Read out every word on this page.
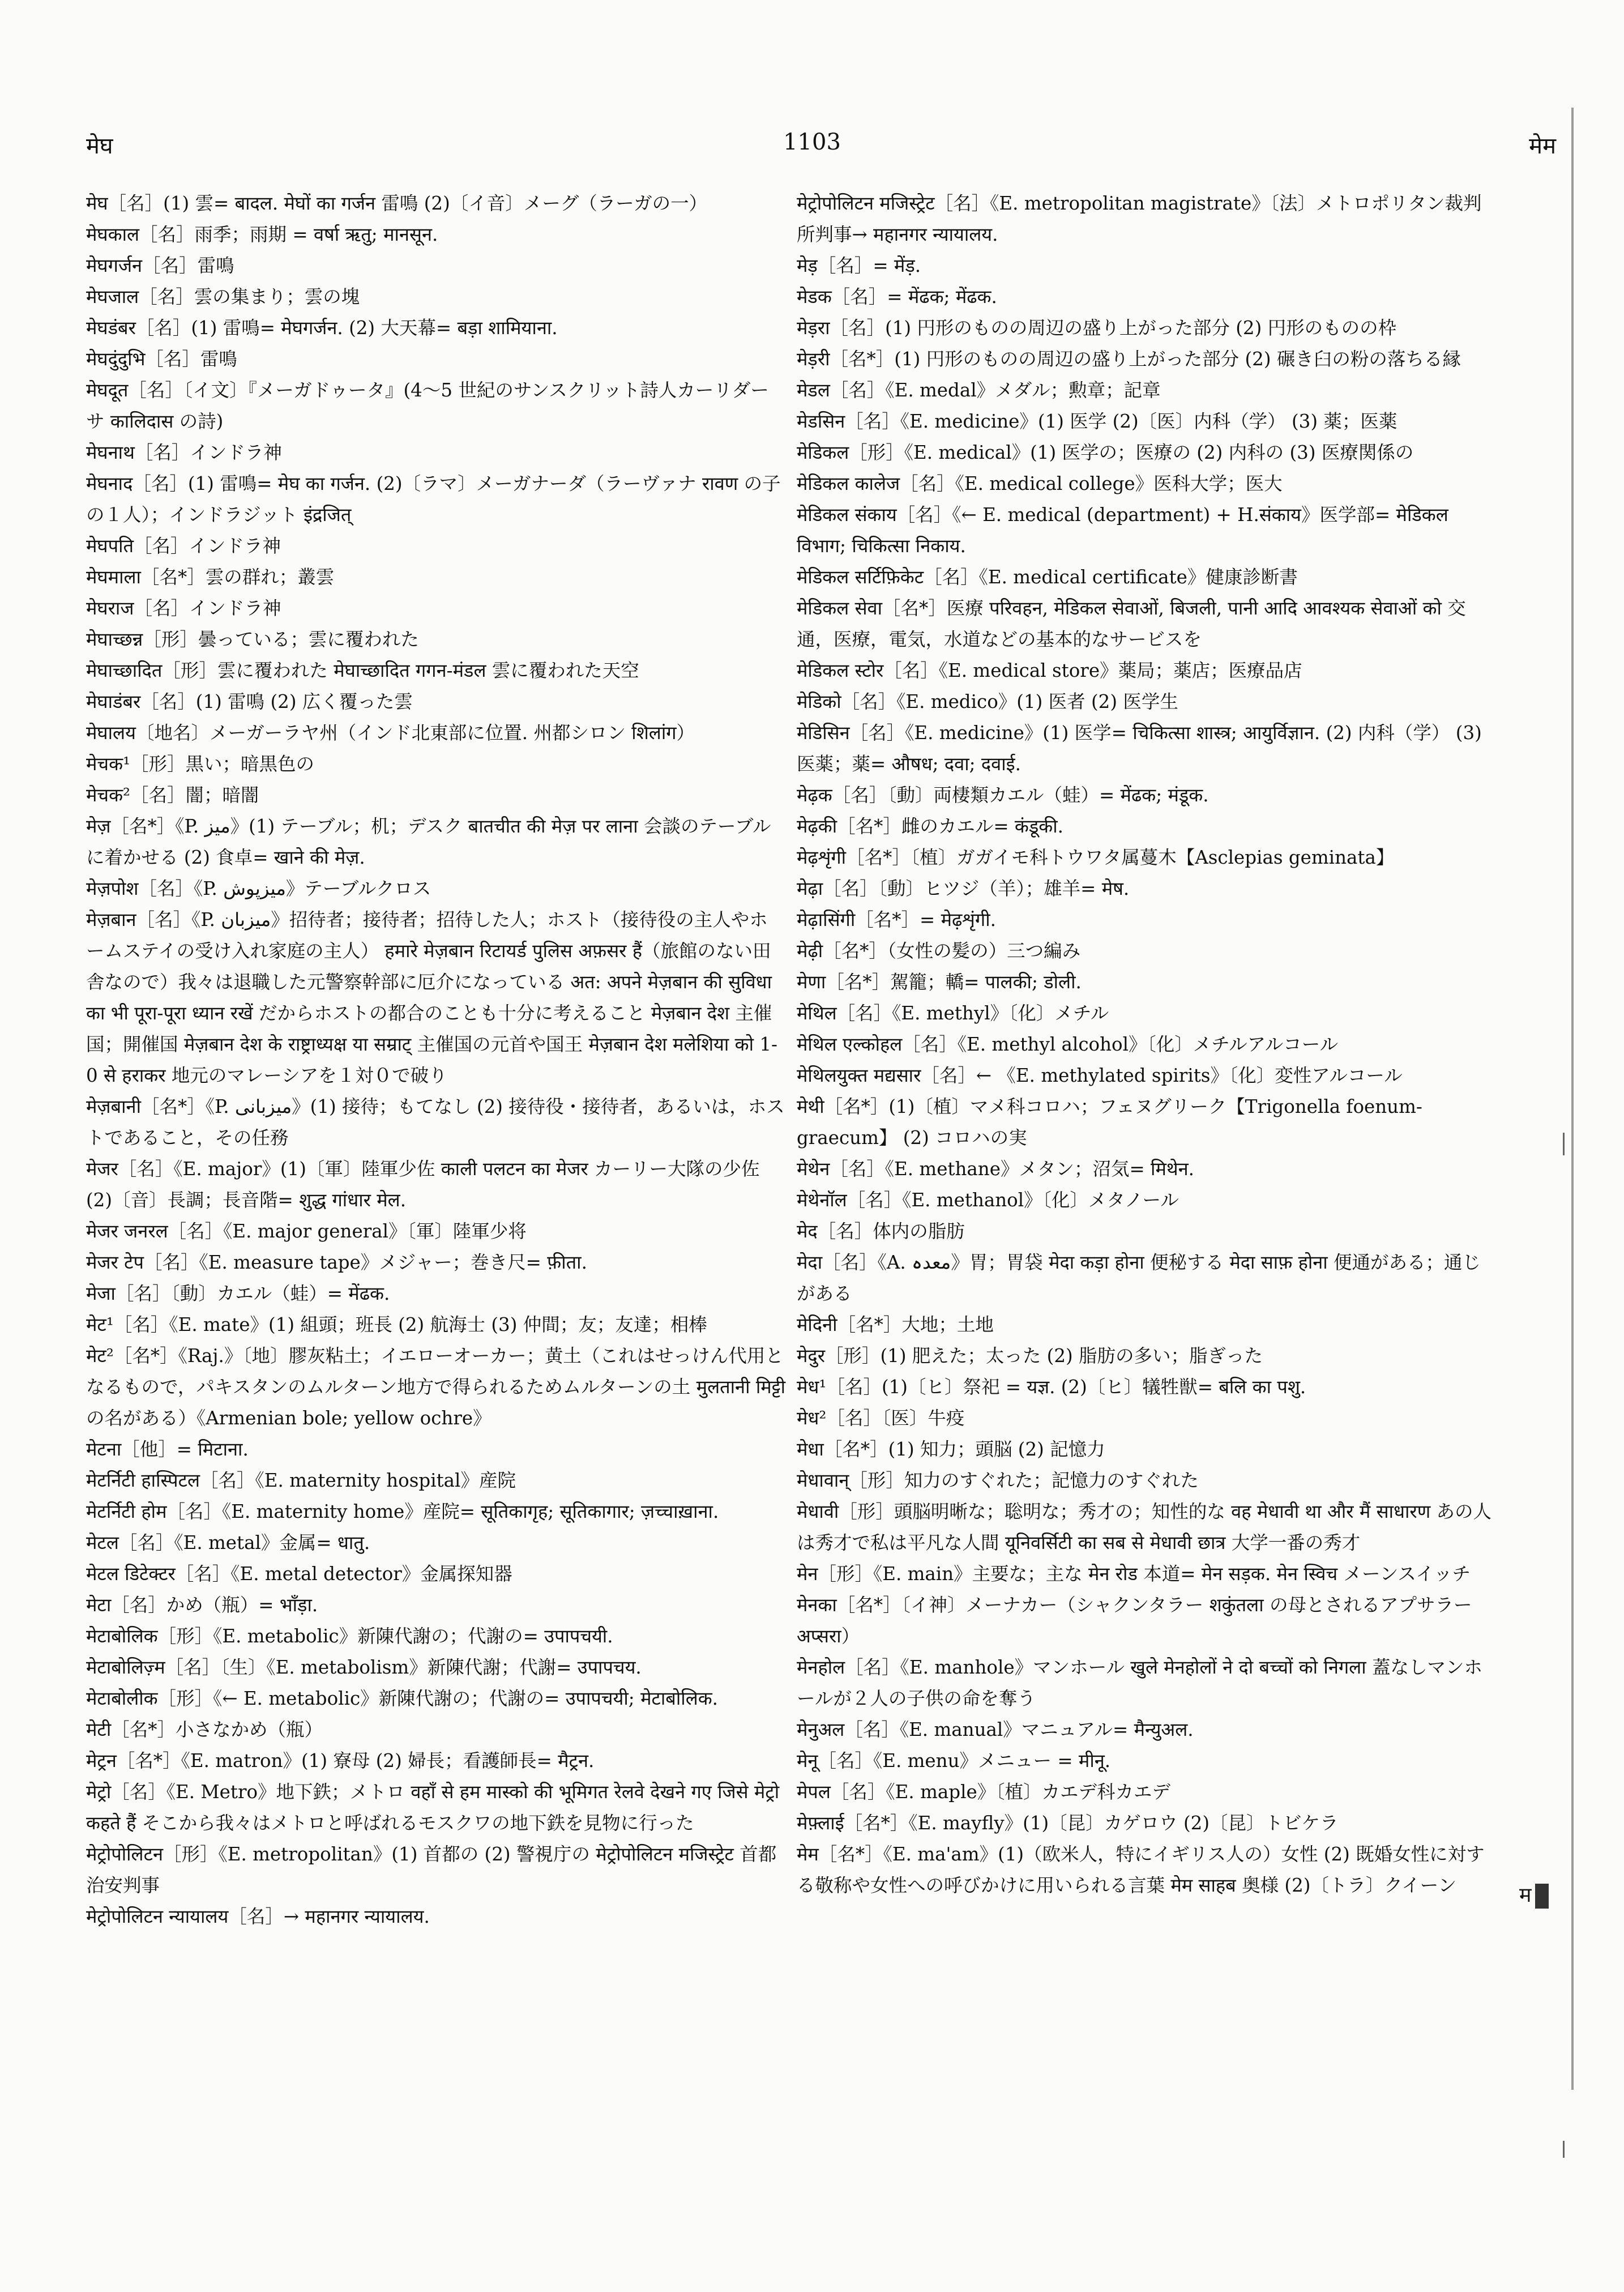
मेघ	1103	मेम

मेघ［名］(1) 雲= बादल. मेघों का गर्जन 雷鳴 (2)〔イ音〕メーグ（ラーガの一）

मेघकाल［名］雨季；雨期 = वर्षा ऋतु; मानसून.

मेघगर्जन［名］雷鳴

मेघजाल［名］雲の集まり；雲の塊

मेघडंबर［名］(1) 雷鳴= मेघगर्जन. (2) 大天幕= बड़ा शामियाना.

मेघदुंदुभि［名］雷鳴

मेघदूत［名］〔イ文〕『メーガドゥータ』(4〜5 世紀のサンスクリット詩人カーリダーサ कालिदास の詩)

मेघनाथ［名］インドラ神

मेघनाद［名］(1) 雷鳴= मेघ का गर्जन. (2)〔ラマ〕メーガナーダ（ラーヴァナ रावण の子の１人）；インドラジット इंद्रजित्

मेघपति［名］インドラ神

मेघमाला［名*］雲の群れ；叢雲

मेघराज［名］インドラ神

मेघाच्छन्न［形］曇っている；雲に覆われた

मेघाच्छादित［形］雲に覆われた मेघाच्छादित गगन-मंडल 雲に覆われた天空

मेघाडंबर［名］(1) 雷鳴 (2) 広く覆った雲

मेघालय〔地名〕メーガーラヤ州（インド北東部に位置. 州都シロン शिलांग）

मेचक¹［形］黒い；暗黒色の

मेचक²［名］闇；暗闇

मेज़［名*］《P. ميز》(1) テーブル；机；デスク बातचीत की मेज़ पर लाना 会談のテーブルに着かせる (2) 食卓= खाने की मेज़.

मेज़पोश［名］《P. ميزپوش》テーブルクロス

मेज़बान［名］《P. ميزبان》招待者；接待者；招待した人；ホスト（接待役の主人やホームステイの受け入れ家庭の主人） हमारे मेज़बान रिटायर्ड पुलिस अफ़सर हैं（旅館のない田舎なので）我々は退職した元警察幹部に厄介になっている अत: अपने मेज़बान की सुविधा का भी पूरा-पूरा ध्यान रखें だからホストの都合のことも十分に考えること मेज़बान देश 主催国；開催国 मेज़बान देश के राष्ट्राध्यक्ष या सम्राट् 主催国の元首や国王 मेज़बान देश मलेशिया को 1-0 से हराकर 地元のマレーシアを１対０で破り

मेज़बानी［名*］《P. ميزبانی》(1) 接待；もてなし (2) 接待役・接待者，あるいは，ホストであること，その任務

मेजर［名］《E. major》(1)〔軍〕陸軍少佐 काली पलटन का मेजर カーリー大隊の少佐 (2)〔音〕長調；長音階= शुद्ध गांधार मेल.

मेजर जनरल［名］《E. major general》〔軍〕陸軍少将

मेजर टेप［名］《E. measure tape》メジャー；巻き尺= फ़ीता.

मेजा［名］〔動〕カエル（蛙）= मेंढक.

मेट¹［名］《E. mate》(1) 組頭；班長 (2) 航海士 (3) 仲間；友；友達；相棒

मेट²［名*］《Raj.》〔地〕膠灰粘土；イエローオーカー；黄土（これはせっけん代用となるもので，パキスタンのムルターン地方で得られるためムルターンの土 मुलतानी मिट्टी の名がある）《Armenian bole; yellow ochre》

मेटना［他］= मिटाना.

मेटर्निटी हास्पिटल［名］《E. maternity hospital》産院

मेटर्निटी होम［名］《E. maternity home》産院= सूतिकागृह; सूतिकागार; ज़च्चाख़ाना.

मेटल［名］《E. metal》金属= धातु.

मेटल डिटेक्टर［名］《E. metal detector》金属探知器

मेटा［名］かめ（瓶）= भाँड़ा.

मेटाबोलिक［形］《E. metabolic》新陳代謝の；代謝の= उपापचयी.

मेटाबोलिज़्म［名］〔生〕《E. metabolism》新陳代謝；代謝= उपापचय.

मेटाबोलीक［形］《← E. metabolic》新陳代謝の；代謝の= उपापचयी; मेटाबोलिक.

मेटी［名*］小さなかめ（瓶）

मेट्रन［名*］《E. matron》(1) 寮母 (2) 婦長；看護師長= मैट्रन.

मेट्रो［名］《E. Metro》地下鉄；メトロ वहाँ से हम मास्को की भूमिगत रेलवे देखने गए जिसे मेट्रो कहते हैं そこから我々はメトロと呼ばれるモスクワの地下鉄を見物に行った

मेट्रोपोलिटन［形］《E. metropolitan》(1) 首都の (2) 警視庁の मेट्रोपोलिटन मजिस्ट्रेट 首都治安判事

मेट्रोपोलिटन न्यायालय［名］→ महानगर न्यायालय.

मेट्रोपोलिटन मजिस्ट्रेट［名］《E. metropolitan magistrate》〔法〕メトロポリタン裁判所判事→ महानगर न्यायालय.

मेड़［名］= मेंड़.

मेडक［名］= मेंढक; मेंढक.

मेड़रा［名］(1) 円形のものの周辺の盛り上がった部分 (2) 円形のものの枠

मेड़री［名*］(1) 円形のものの周辺の盛り上がった部分 (2) 碾き臼の粉の落ちる縁

मेडल［名］《E. medal》メダル；勲章；記章

मेडसिन［名］《E. medicine》(1) 医学 (2)〔医〕内科（学） (3) 薬；医薬

मेडिकल［形］《E. medical》(1) 医学の；医療の (2) 内科の (3) 医療関係の

मेडिकल कालेज［名］《E. medical college》医科大学；医大

मेडिकल संकाय［名］《← E. medical (department) + H.संकाय》医学部= मेडिकल विभाग; चिकित्सा निकाय.

मेडिकल सर्टिफ़िकेट［名］《E. medical certificate》健康診断書

मेडिकल सेवा［名*］医療 परिवहन, मेडिकल सेवाओं, बिजली, पानी आदि आवश्यक सेवाओं को 交通，医療，電気，水道などの基本的なサービスを

मेडिकल स्टोर［名］《E. medical store》薬局；薬店；医療品店

मेडिको［名］《E. medico》(1) 医者 (2) 医学生

मेडिसिन［名］《E. medicine》(1) 医学= चिकित्सा शास्त्र; आयुर्विज्ञान. (2) 内科（学） (3) 医薬；薬= औषध; दवा; दवाई.

मेढ़क［名］〔動〕両棲類カエル（蛙）= मेंढक; मंडूक.

मेढ़की［名*］雌のカエル= कंडूकी.

मेढ़शृंगी［名*］〔植〕ガガイモ科トウワタ属蔓木【Asclepias geminata】

मेढ़ा［名］〔動〕ヒツジ（羊）；雄羊= मेष.

मेढ़ासिंगी［名*］= मेढ़शृंगी.

मेढ़ी［名*］（女性の髪の）三つ編み

मेणा［名*］駕籠；轎= पालकी; डोली.

मेथिल［名］《E. methyl》〔化〕メチル

मेथिल एल्कोहल［名］《E. methyl alcohol》〔化〕メチルアルコール

मेथिलयुक्त मद्यसार［名］← 《E. methylated spirits》〔化〕変性アルコール

मेथी［名*］(1)〔植〕マメ科コロハ；フェヌグリーク【Trigonella foenum-graecum】 (2) コロハの実

मेथेन［名］《E. methane》メタン；沼気= मिथेन.

मेथेनॉल［名］《E. methanol》〔化〕メタノール

मेद［名］体内の脂肪

मेदा［名］《A. معدہ》胃；胃袋 मेदा कड़ा होना 便秘する मेदा साफ़ होना 便通がある；通じがある

मेदिनी［名*］大地；土地

मेदुर［形］(1) 肥えた；太った (2) 脂肪の多い；脂ぎった

मेध¹［名］(1)〔ヒ〕祭祀 = यज्ञ. (2)〔ヒ〕犠牲獣= बलि का पशु.

मेध²［名］〔医〕牛疫

मेधा［名*］(1) 知力；頭脳 (2) 記憶力

मेधावान्［形］知力のすぐれた；記憶力のすぐれた

मेधावी［形］頭脳明晰な；聡明な；秀才の；知性的な वह मेधावी था और मैं साधारण あの人は秀才で私は平凡な人間 यूनिवर्सिटी का सब से मेधावी छात्र 大学一番の秀才

मेन［形］《E. main》主要な；主な मेन रोड 本道= मेन सड़क. मेन स्विच メーンスイッチ

मेनका［名*］〔イ神〕メーナカー（シャクンタラー शकुंतला の母とされるアプサラー अप्सरा）

मेनहोल［名］《E. manhole》マンホール खुले मेनहोलों ने दो बच्चों को निगला 蓋なしマンホールが２人の子供の命を奪う

मेनुअल［名］《E. manual》マニュアル= मैन्युअल.

मेनू［名］《E. menu》メニュー = मीनू.

मेपल［名］《E. maple》〔植〕カエデ科カエデ

मेफ़्लाई［名*］《E. mayfly》(1)〔昆〕カゲロウ (2)〔昆〕トビケラ

मेम［名*］《E. ma'am》(1)（欧米人，特にイギリス人の）女性 (2) 既婚女性に対する敬称や女性への呼びかけに用いられる言葉 मेम साहब 奥様 (2)〔トラ〕クイーン	म
